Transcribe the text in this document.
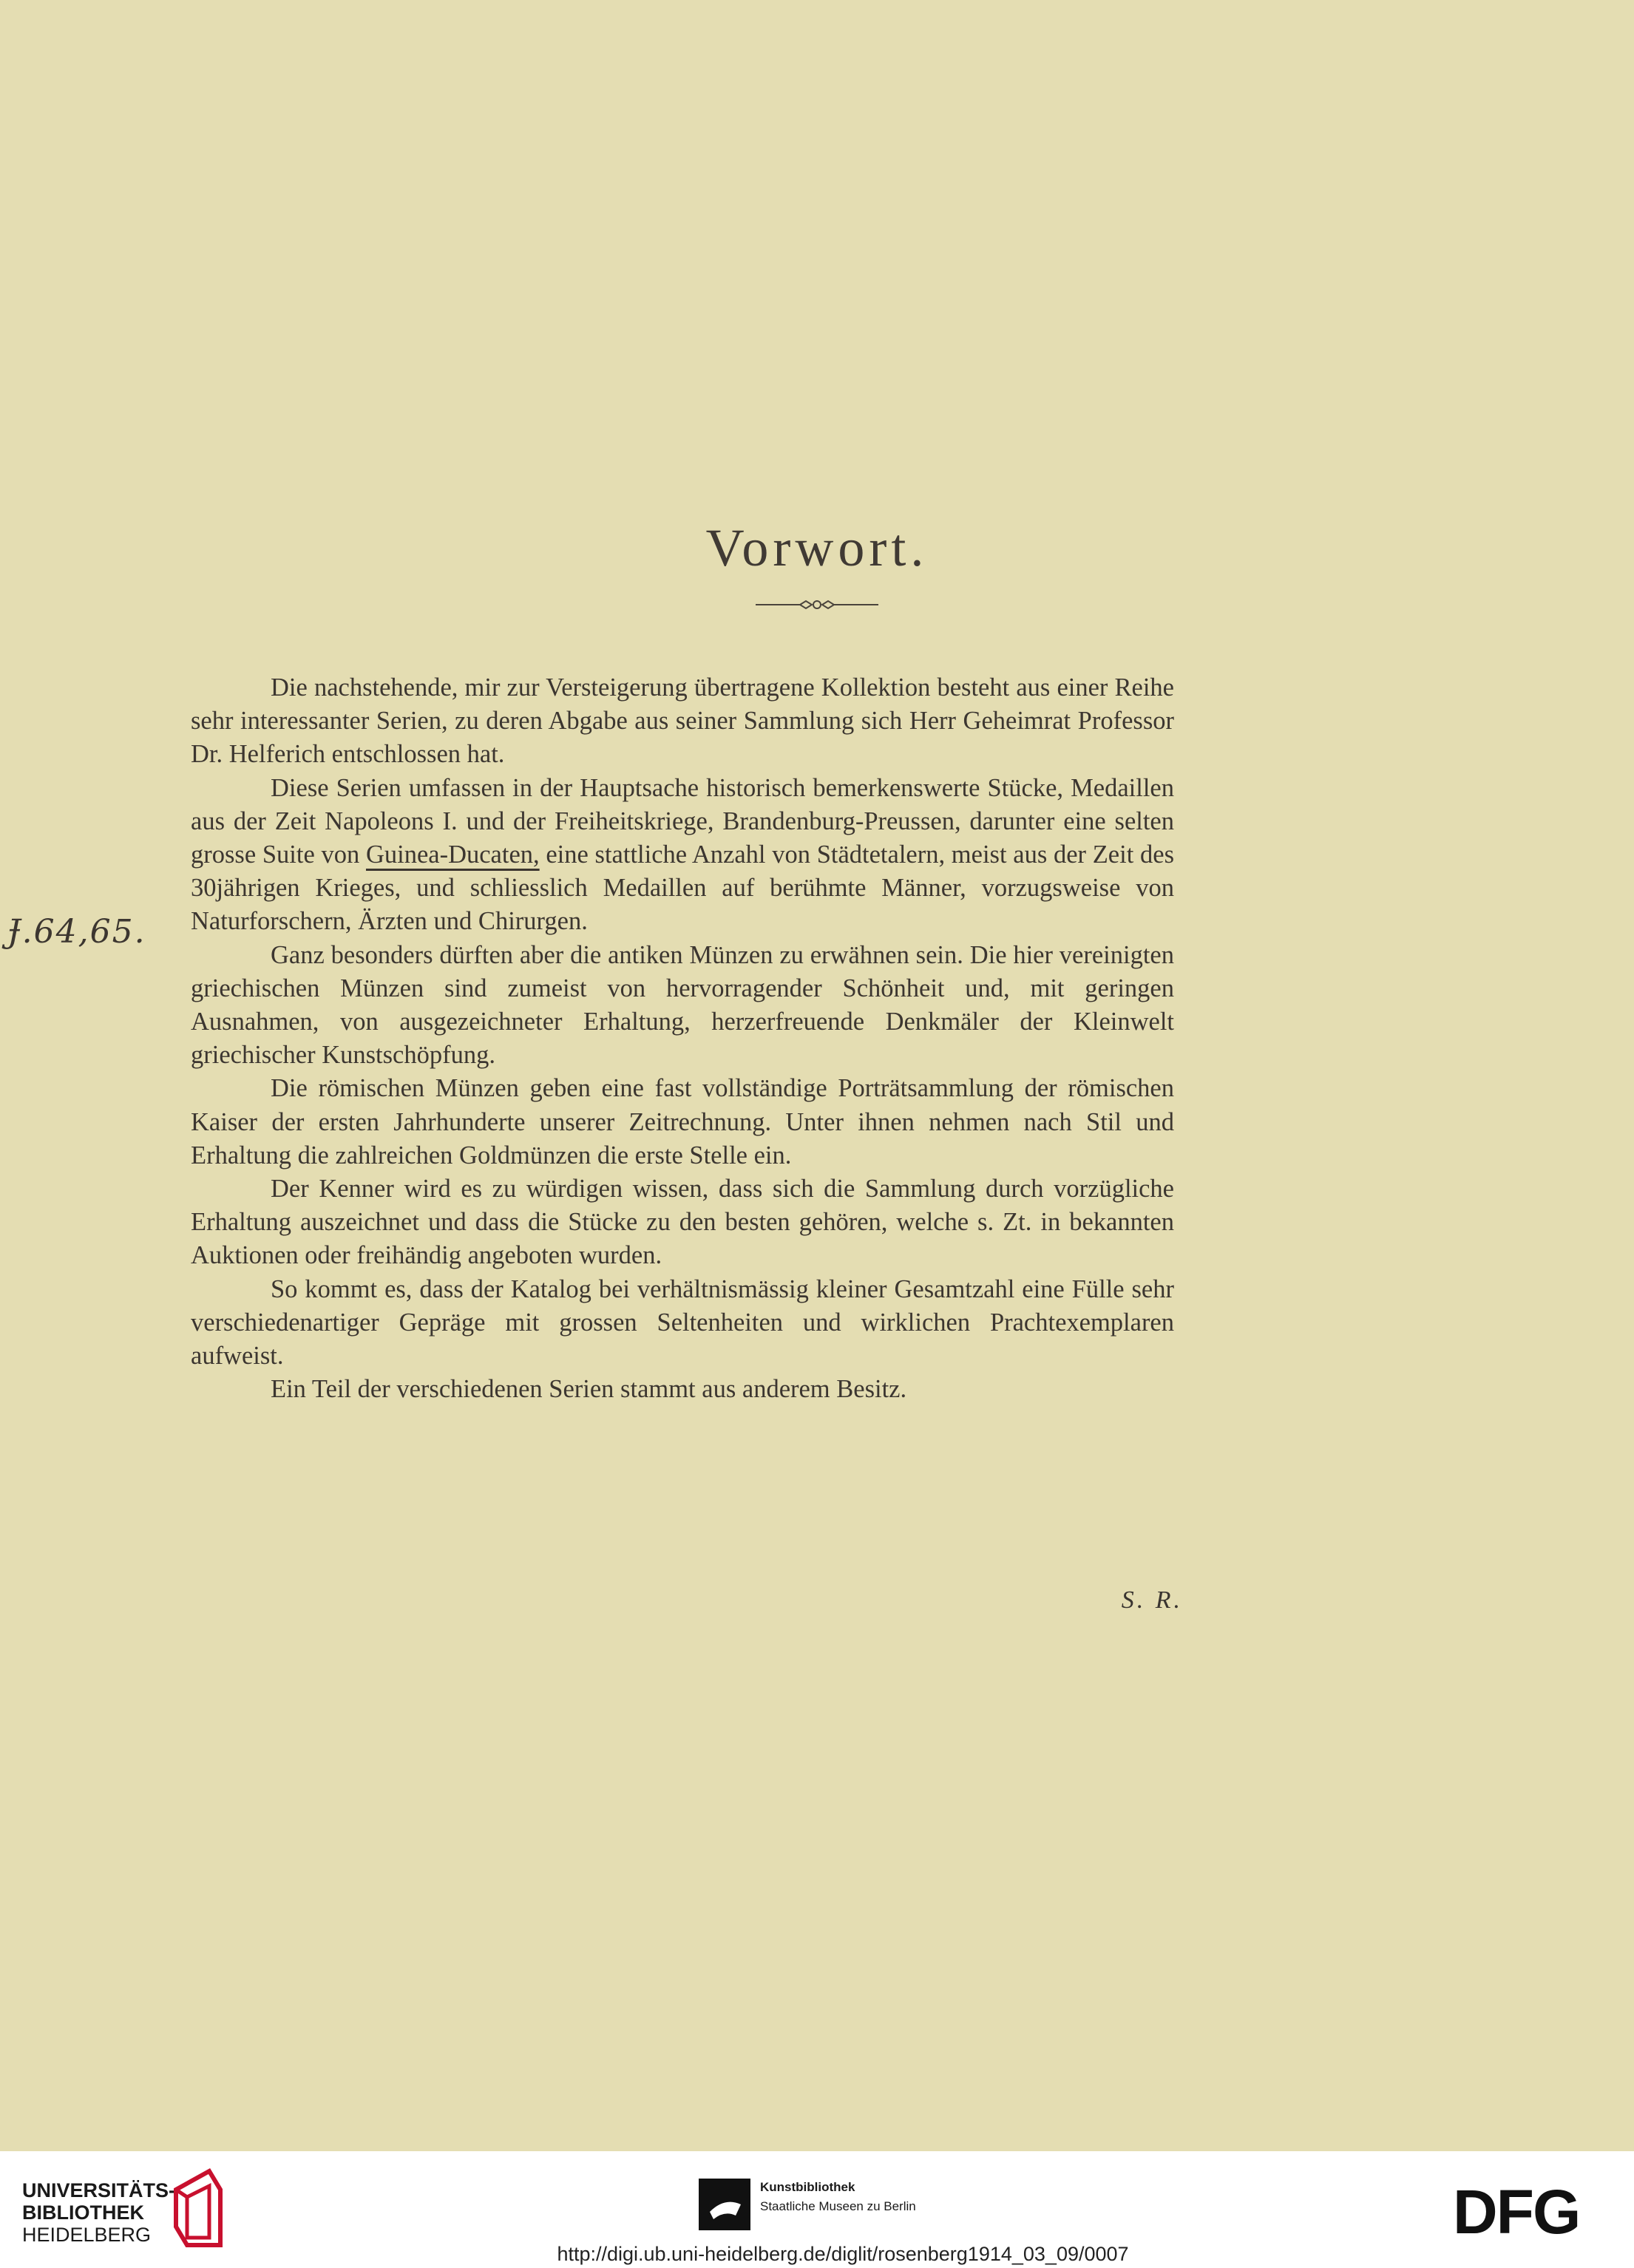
Vorwort.
Ɉ.64,65.

Die nachstehende, mir zur Versteigerung übertragene Kollektion besteht aus einer Reihe sehr interessanter Serien, zu deren Abgabe aus seiner Sammlung sich Herr Geheimrat Professor Dr. Helferich entschlossen hat.

Diese Serien umfassen in der Hauptsache historisch bemerkenswerte Stücke, Medaillen aus der Zeit Napoleons I. und der Freiheitskriege, Brandenburg-Preussen, darunter eine selten grosse Suite von Guinea-Ducaten, eine stattliche Anzahl von Städtetalern, meist aus der Zeit des 30jährigen Krieges, und schliesslich Medaillen auf berühmte Männer, vorzugsweise von Naturforschern, Ärzten und Chirurgen.

Ganz besonders dürften aber die antiken Münzen zu erwähnen sein. Die hier vereinigten griechischen Münzen sind zumeist von hervorragender Schönheit und, mit geringen Ausnahmen, von ausgezeichneter Erhaltung, herzerfreuende Denkmäler der Kleinwelt griechischer Kunstschöpfung.

Die römischen Münzen geben eine fast vollständige Porträtsammlung der römischen Kaiser der ersten Jahrhunderte unserer Zeitrechnung. Unter ihnen nehmen nach Stil und Erhaltung die zahlreichen Goldmünzen die erste Stelle ein.

Der Kenner wird es zu würdigen wissen, dass sich die Sammlung durch vorzügliche Erhaltung auszeichnet und dass die Stücke zu den besten gehören, welche s. Zt. in bekannten Auktionen oder freihändig angeboten wurden.

So kommt es, dass der Katalog bei verhältnismässig kleiner Gesamtzahl eine Fülle sehr verschiedenartiger Gepräge mit grossen Seltenheiten und wirklichen Prachtexemplaren aufweist.

Ein Teil der verschiedenen Serien stammt aus anderem Besitz.

S. R.
UNIVERSITÄTS-
BIBLIOTHEK
HEIDELBERG
Kunstbibliothek
Staatliche Museen zu Berlin	DFG
http://digi.ub.uni-heidelberg.de/diglit/rosenberg1914_03_09/0007
